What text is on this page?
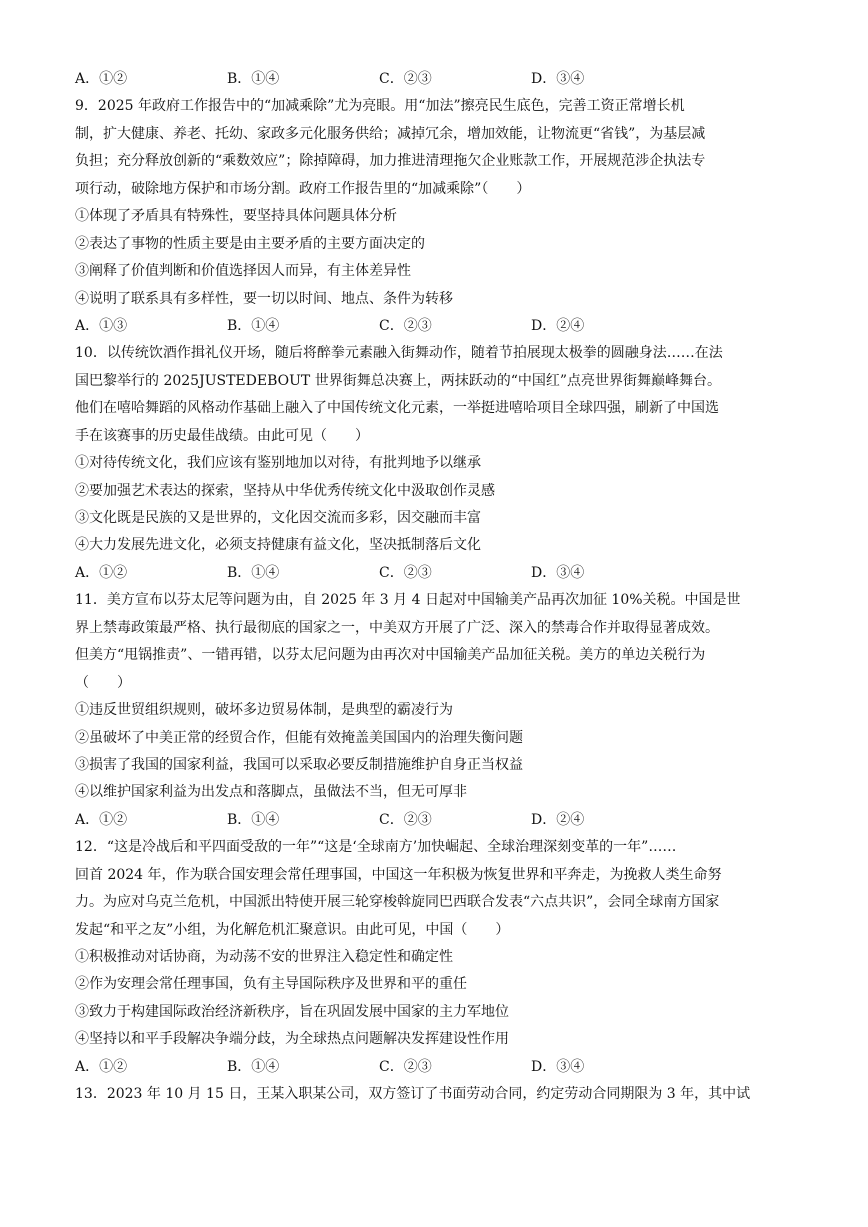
A．①②	B．①④	C．②③	D．③④
9．2025 年政府工作报告中的“加减乘除”尤为亮眼。用“加法”擦亮民生底色，完善工资正常增长机
制，扩大健康、养老、托幼、家政多元化服务供给；减掉冗余，增加效能，让物流更“省钱”，为基层减
负担；充分释放创新的“乘数效应”；除掉障碍，加力推进清理拖欠企业账款工作，开展规范涉企执法专
项行动，破除地方保护和市场分割。政府工作报告里的“加减乘除”（　　）
①体现了矛盾具有特殊性，要坚持具体问题具体分析
②表达了事物的性质主要是由主要矛盾的主要方面决定的
③阐释了价值判断和价值选择因人而异，有主体差异性
④说明了联系具有多样性，要一切以时间、地点、条件为转移
A．①③	B．①④	C．②③	D．②④
10．以传统饮酒作揖礼仪开场，随后将醉拳元素融入街舞动作，随着节拍展现太极拳的圆融身法……在法
国巴黎举行的 2025JUSTEDEBOUT 世界街舞总决赛上，两抹跃动的“中国红”点亮世界街舞巅峰舞台。
他们在嘻哈舞蹈的风格动作基础上融入了中国传统文化元素，一举挺进嘻哈项目全球四强，刷新了中国选
手在该赛事的历史最佳战绩。由此可见（　　）
①对待传统文化，我们应该有鉴别地加以对待，有批判地予以继承
②要加强艺术表达的探索，坚持从中华优秀传统文化中汲取创作灵感
③文化既是民族的又是世界的，文化因交流而多彩，因交融而丰富
④大力发展先进文化，必须支持健康有益文化，坚决抵制落后文化
A．①②	B．①④	C．②③	D．③④
11．美方宣布以芬太尼等问题为由，自 2025 年 3 月 4 日起对中国输美产品再次加征 10%关税。中国是世
界上禁毒政策最严格、执行最彻底的国家之一，中美双方开展了广泛、深入的禁毒合作并取得显著成效。
但美方“甩锅推责”、一错再错，以芬太尼问题为由再次对中国输美产品加征关税。美方的单边关税行为
（　　）
①违反世贸组织规则，破坏多边贸易体制，是典型的霸凌行为
②虽破坏了中美正常的经贸合作，但能有效掩盖美国国内的治理失衡问题
③损害了我国的国家利益，我国可以采取必要反制措施维护自身正当权益
④以维护国家利益为出发点和落脚点，虽做法不当，但无可厚非
A．①②	B．①④	C．②③	D．②④
12．“这是冷战后和平四面受敌的一年”“这是‘全球南方’加快崛起、全球治理深刻变革的一年”……
回首 2024 年，作为联合国安理会常任理事国，中国这一年积极为恢复世界和平奔走，为挽救人类生命努
力。为应对乌克兰危机，中国派出特使开展三轮穿梭斡旋同巴西联合发表“六点共识”，会同全球南方国家
发起“和平之友”小组，为化解危机汇聚意识。由此可见，中国（　　）
①积极推动对话协商，为动荡不安的世界注入稳定性和确定性
②作为安理会常任理事国，负有主导国际秩序及世界和平的重任
③致力于构建国际政治经济新秩序，旨在巩固发展中国家的主力军地位
④坚持以和平手段解决争端分歧，为全球热点问题解决发挥建设性作用
A．①②	B．①④	C．②③	D．③④
13．2023 年 10 月 15 日，王某入职某公司，双方签订了书面劳动合同，约定劳动合同期限为 3 年，其中试
